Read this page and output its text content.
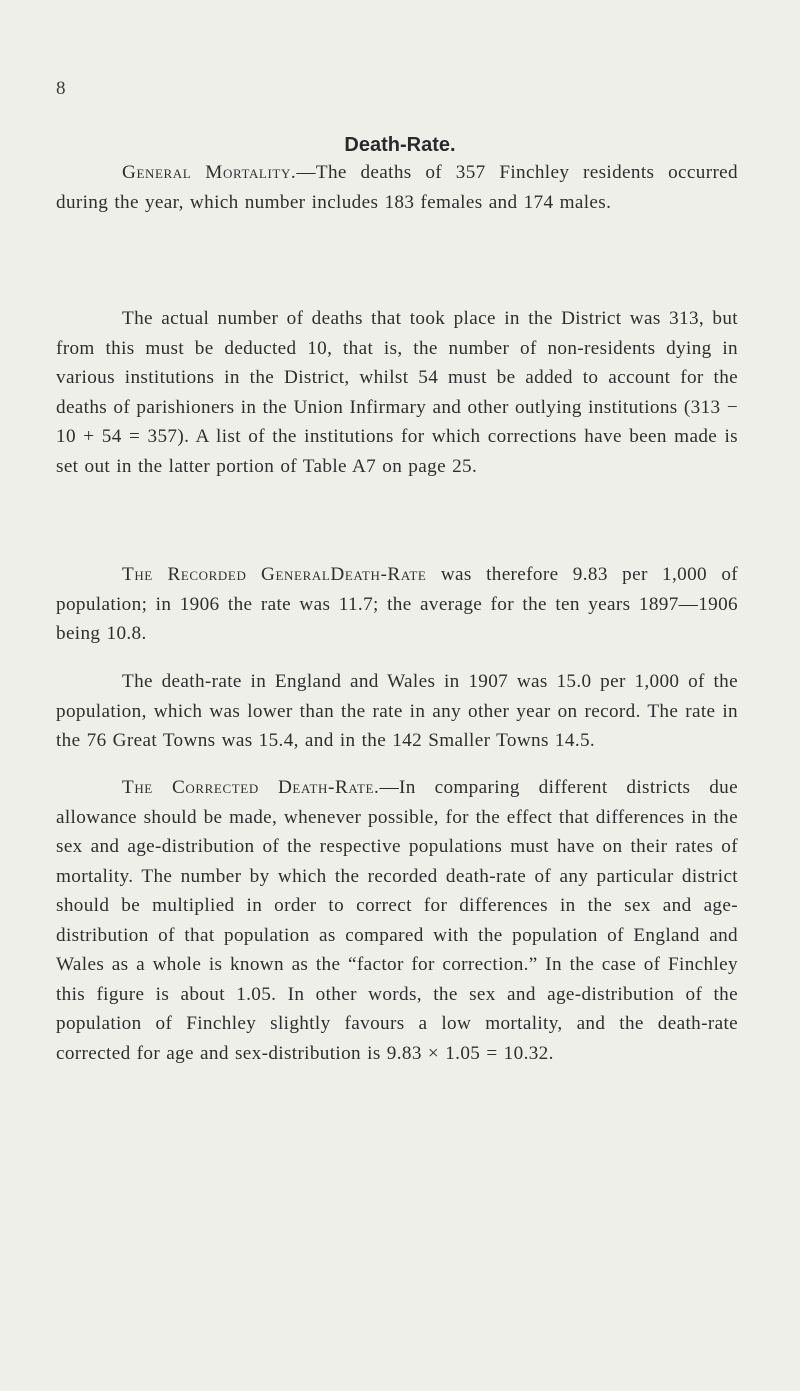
8
Death-Rate.

General Mortality.—The deaths of 357 Finchley residents occurred during the year, which number includes 183 females and 174 males.

The actual number of deaths that took place in the District was 313, but from this must be deducted 10, that is, the number of non-residents dying in various institutions in the District, whilst 54 must be added to account for the deaths of parishioners in the Union Infirmary and other outlying institutions (313 − 10 + 54 = 357). A list of the institutions for which corrections have been made is set out in the latter portion of Table A7 on page 25.

The Recorded GeneralDeath-Rate was therefore 9.83 per 1,000 of population; in 1906 the rate was 11.7; the average for the ten years 1897—1906 being 10.8.

The death-rate in England and Wales in 1907 was 15.0 per 1,000 of the population, which was lower than the rate in any other year on record. The rate in the 76 Great Towns was 15.4, and in the 142 Smaller Towns 14.5.

The Corrected Death-Rate.—In comparing different districts due allowance should be made, whenever possible, for the effect that differences in the sex and age-distribution of the respective populations must have on their rates of mortality. The number by which the recorded death-rate of any particular district should be multiplied in order to correct for differences in the sex and age-distribution of that population as compared with the population of England and Wales as a whole is known as the “factor for correction.” In the case of Finchley this figure is about 1.05. In other words, the sex and age-distribution of the population of Finchley slightly favours a low mortality, and the death-rate corrected for age and sex-distribution is 9.83 × 1.05 = 10.32.
